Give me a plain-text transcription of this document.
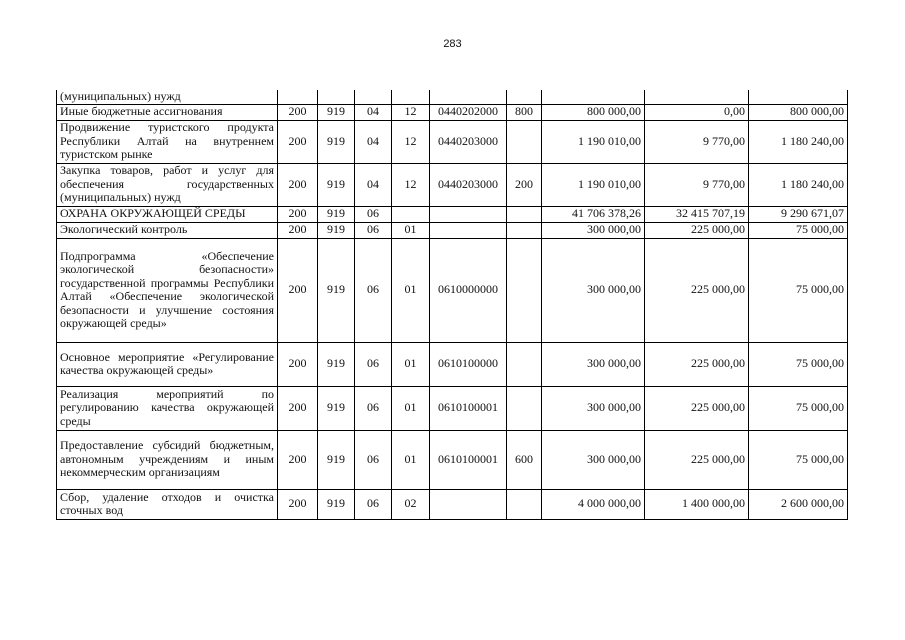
283
(муниципальных) нужд									
Иные бюджетные ассигнования	200	919	04	12	0440202000	800	800 000,00	0,00	800 000,00
Продвижение туристского продукта Республики Алтай на внутреннем туристском рынке	200	919	04	12	0440203000		1 190 010,00	9 770,00	1 180 240,00
Закупка товаров, работ и услуг для обеспечения государственных (муниципальных) нужд	200	919	04	12	0440203000	200	1 190 010,00	9 770,00	1 180 240,00
ОХРАНА ОКРУЖАЮЩЕЙ СРЕДЫ	200	919	06				41 706 378,26	32 415 707,19	9 290 671,07
Экологический контроль	200	919	06	01			300 000,00	225 000,00	75 000,00
Подпрограмма «Обеспечение экологической безопасности» государственной программы Республики Алтай «Обеспечение экологической безопасности и улучшение состояния окружающей среды»	200	919	06	01	0610000000		300 000,00	225 000,00	75 000,00
Основное мероприятие «Регулирование качества окружающей среды»	200	919	06	01	0610100000		300 000,00	225 000,00	75 000,00
Реализация мероприятий по регулированию качества окружающей среды	200	919	06	01	0610100001		300 000,00	225 000,00	75 000,00
Предоставление субсидий бюджетным, автономным учреждениям и иным некоммерческим организациям	200	919	06	01	0610100001	600	300 000,00	225 000,00	75 000,00
Сбор, удаление отходов и очистка сточных вод	200	919	06	02			4 000 000,00	1 400 000,00	2 600 000,00
